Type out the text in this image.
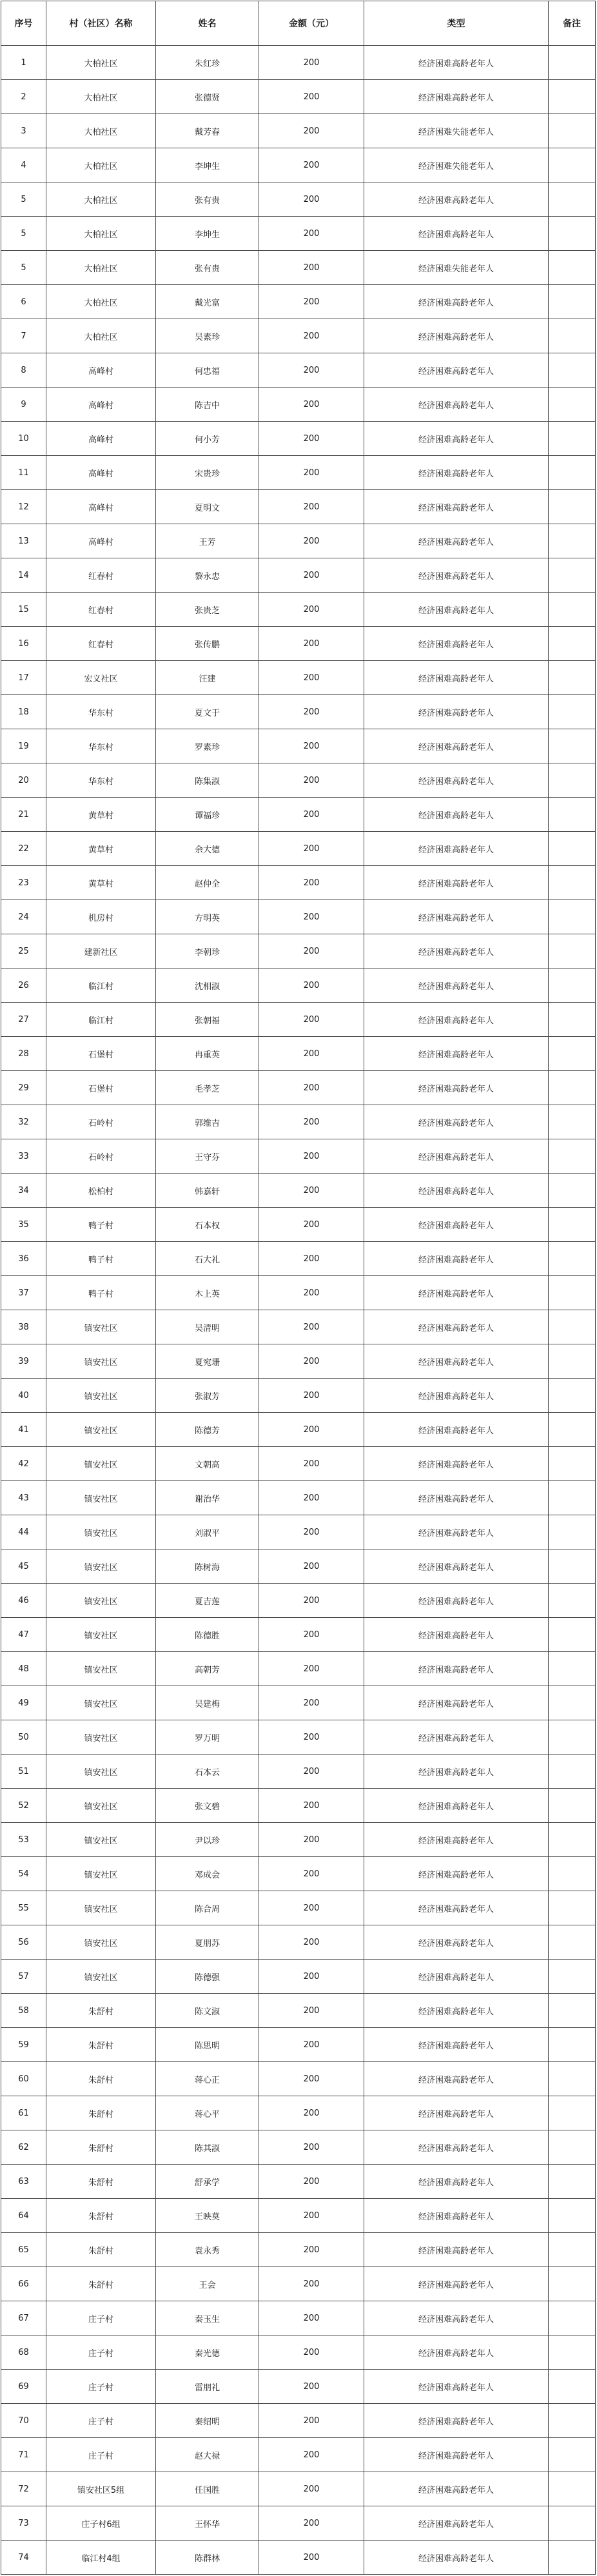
序号	村（社区）名称	姓名	金额（元）	类型	备注
1	大柏社区	朱红珍	200	经济困难高龄老年人	
2	大柏社区	张德贤	200	经济困难高龄老年人	
3	大柏社区	戴芳春	200	经济困难失能老年人	
4	大柏社区	李坤生	200	经济困难失能老年人	
5	大柏社区	张有贵	200	经济困难高龄老年人	
5	大柏社区	李坤生	200	经济困难高龄老年人	
5	大柏社区	张有贵	200	经济困难失能老年人	
6	大柏社区	戴光富	200	经济困难高龄老年人	
7	大柏社区	吴素珍	200	经济困难高龄老年人	
8	高峰村	何忠福	200	经济困难高龄老年人	
9	高峰村	陈吉中	200	经济困难高龄老年人	
10	高峰村	何小芳	200	经济困难高龄老年人	
11	高峰村	宋贵珍	200	经济困难高龄老年人	
12	高峰村	夏明文	200	经济困难高龄老年人	
13	高峰村	王芳	200	经济困难高龄老年人	
14	红春村	黎永忠	200	经济困难高龄老年人	
15	红春村	张贵芝	200	经济困难高龄老年人	
16	红春村	张传鹏	200	经济困难高龄老年人	
17	宏义社区	汪建	200	经济困难高龄老年人	
18	华东村	夏文于	200	经济困难高龄老年人	
19	华东村	罗素珍	200	经济困难高龄老年人	
20	华东村	陈集淑	200	经济困难高龄老年人	
21	黄草村	谭福珍	200	经济困难高龄老年人	
22	黄草村	余大德	200	经济困难高龄老年人	
23	黄草村	赵仲全	200	经济困难高龄老年人	
24	机房村	方明英	200	经济困难高龄老年人	
25	建新社区	李朝珍	200	经济困难高龄老年人	
26	临江村	沈相淑	200	经济困难高龄老年人	
27	临江村	张朝福	200	经济困难高龄老年人	
28	石堡村	冉重英	200	经济困难高龄老年人	
29	石堡村	毛孝芝	200	经济困难高龄老年人	
32	石岭村	郭维吉	200	经济困难高龄老年人	
33	石岭村	王守芬	200	经济困难高龄老年人	
34	松柏村	韩嘉轩	200	经济困难高龄老年人	
35	鸭子村	石本权	200	经济困难高龄老年人	
36	鸭子村	石大礼	200	经济困难高龄老年人	
37	鸭子村	木上英	200	经济困难高龄老年人	
38	镇安社区	吴清明	200	经济困难高龄老年人	
39	镇安社区	夏宛珊	200	经济困难高龄老年人	
40	镇安社区	张淑芳	200	经济困难高龄老年人	
41	镇安社区	陈德芳	200	经济困难高龄老年人	
42	镇安社区	文朝高	200	经济困难高龄老年人	
43	镇安社区	谢治华	200	经济困难高龄老年人	
44	镇安社区	刘淑平	200	经济困难高龄老年人	
45	镇安社区	陈树海	200	经济困难高龄老年人	
46	镇安社区	夏吉莲	200	经济困难高龄老年人	
47	镇安社区	陈德胜	200	经济困难高龄老年人	
48	镇安社区	高朝芳	200	经济困难高龄老年人	
49	镇安社区	吴建梅	200	经济困难高龄老年人	
50	镇安社区	罗万明	200	经济困难高龄老年人	
51	镇安社区	石本云	200	经济困难高龄老年人	
52	镇安社区	张文碧	200	经济困难高龄老年人	
53	镇安社区	尹以珍	200	经济困难高龄老年人	
54	镇安社区	邓成会	200	经济困难高龄老年人	
55	镇安社区	陈合周	200	经济困难高龄老年人	
56	镇安社区	夏朋苏	200	经济困难高龄老年人	
57	镇安社区	陈德强	200	经济困难高龄老年人	
58	朱舒村	陈文淑	200	经济困难高龄老年人	
59	朱舒村	陈思明	200	经济困难高龄老年人	
60	朱舒村	蒋心正	200	经济困难高龄老年人	
61	朱舒村	蒋心平	200	经济困难高龄老年人	
62	朱舒村	陈其淑	200	经济困难高龄老年人	
63	朱舒村	舒承学	200	经济困难高龄老年人	
64	朱舒村	王映莫	200	经济困难高龄老年人	
65	朱舒村	袁永秀	200	经济困难高龄老年人	
66	朱舒村	王会	200	经济困难高龄老年人	
67	庄子村	秦玉生	200	经济困难高龄老年人	
68	庄子村	秦光德	200	经济困难高龄老年人	
69	庄子村	雷朋礼	200	经济困难高龄老年人	
70	庄子村	秦绍明	200	经济困难高龄老年人	
71	庄子村	赵大禄	200	经济困难高龄老年人	
72	镇安社区5组	任国胜	200	经济困难高龄老年人	
73	庄子村6组	王怀华	200	经济困难高龄老年人	
74	临江村4组	陈群林	200	经济困难高龄老年人	
